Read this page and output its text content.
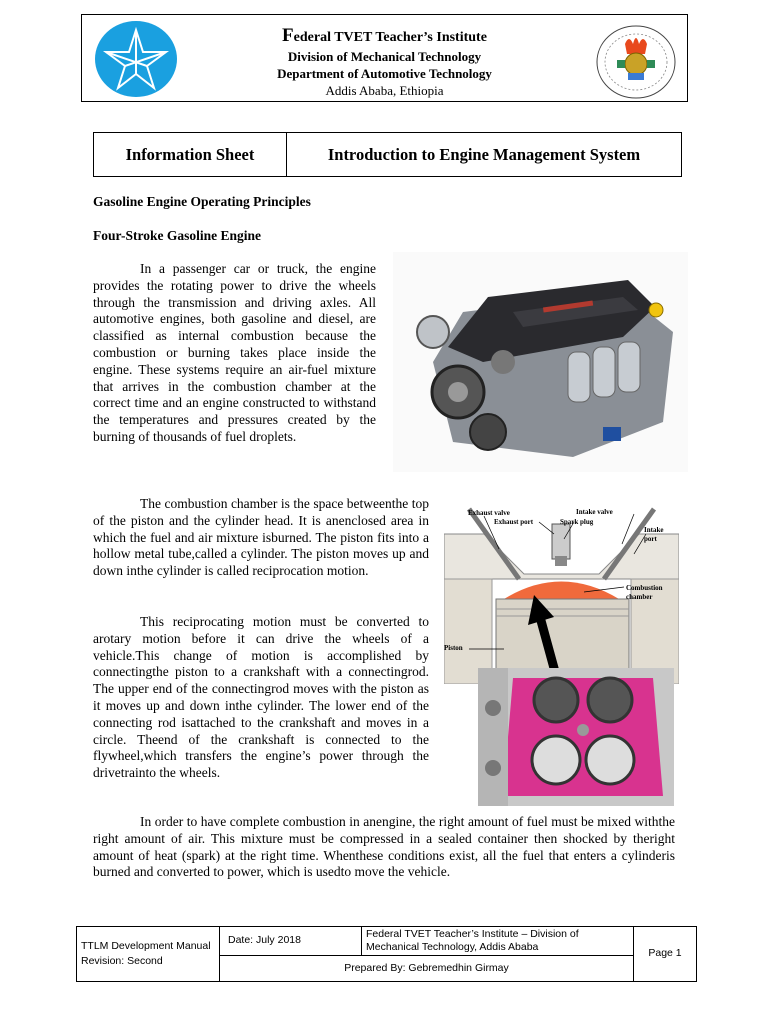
Federal TVET Teacher’s Institute
Division of Mechanical Technology
Department of Automotive Technology
Addis Ababa, Ethiopia
Information Sheet	Introduction to Engine Management System
Gasoline Engine Operating Principles
Four-Stroke Gasoline Engine
In a passenger car or truck, the engine provides the rotating power to drive the wheels through the transmission and driving axles. All automotive engines, both gasoline and diesel, are classified as internal combustion because the combustion or burning takes place inside the engine. These systems require an air-fuel mixture that arrives in the combustion chamber at the correct time and an engine constructed to withstand the temperatures and pressures created by the burning of thousands of fuel droplets.
The combustion chamber is the space betweenthe top of the piston and the cylinder head. It is anenclosed area in which the fuel and air mixture isburned. The piston fits into a hollow metal tube,called a cylinder. The piston moves up and down inthe cylinder is called reciprocation motion.
This reciprocating motion must be converted to arotary motion before it can drive the wheels of a vehicle.This change of motion is accomplished by connectingthe piston to a crankshaft with a connectingrod. The upper end of the connectingrod moves with the piston as it moves up and down inthe cylinder. The lower end of the connecting rod isattached to the crankshaft and moves in a circle. Theend of the crankshaft is connected to the flywheel,which transfers the engine’s power through the drivetrainto the wheels.
Exhaust valve	Intake valve
Exhaust port	Spark plug
Intake port
Combustion chamber
Piston
In order to have complete combustion in anengine, the right amount of fuel must be mixed withthe right amount of air. This mixture must be compressed in a sealed container then shocked by theright amount of heat (spark) at the right time. Whenthese conditions exist, all the fuel that enters a cylinderis burned and converted to power, which is usedto move the vehicle.
TTLM Development Manual
Revision: Second
Date: July 2018	Federal TVET Teacher’s Institute – Division of Mechanical Technology, Addis Ababa
Prepared By: Gebremedhin Girmay
Page 1
